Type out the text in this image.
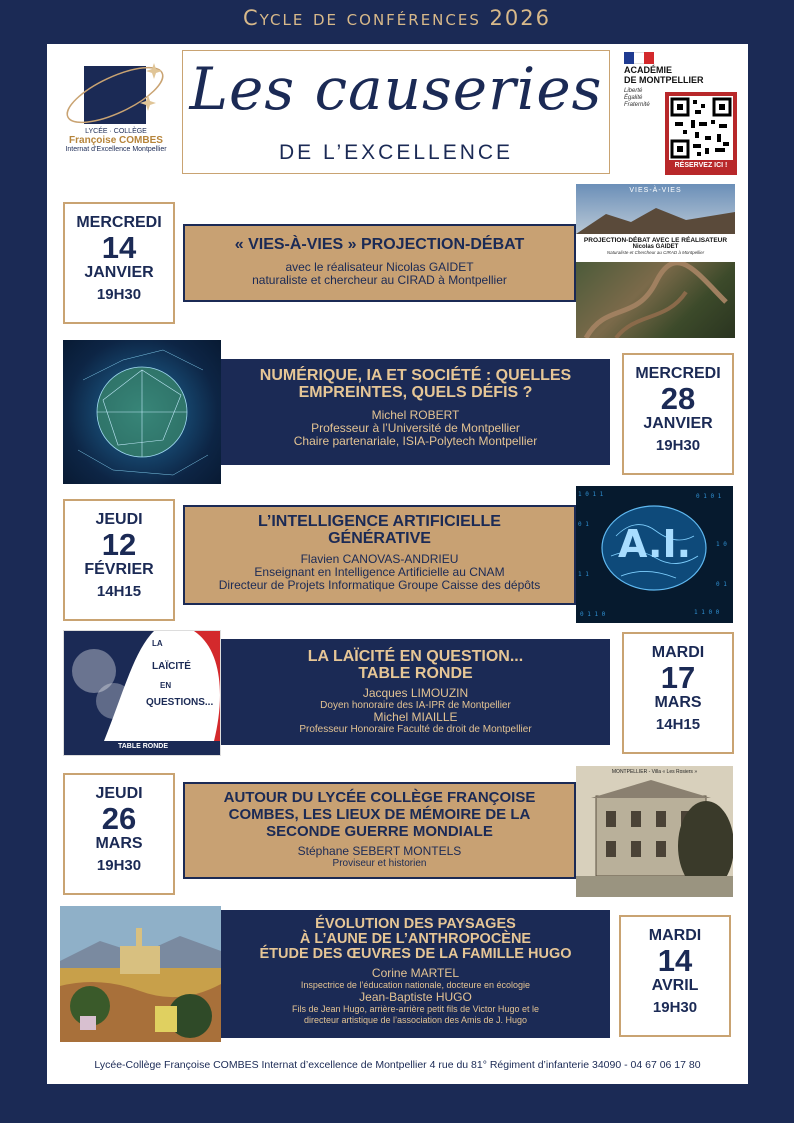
Cycle de conférences 2026
LYCÉE · COLLÈGE
Françoise COMBES
Internat d’Excellence Montpellier
Les causeries
DE L’EXCELLENCE
ACADÉMIE
DE MONTPELLIER
Liberté
Égalité
Fraternité
RÉSERVEZ ICI !
MERCREDI
14
JANVIER
19H30
« VIES-À-VIES » PROJECTION-DÉBAT
avec le réalisateur Nicolas GAIDET
naturaliste et chercheur au CIRAD à Montpellier
VIES-À-VIES
PROJECTION-DÉBAT AVEC LE RÉALISATEUR
Nicolas GAIDET
Naturaliste et Chercheur au CIRAD à Montpellier
NUMÉRIQUE, IA ET SOCIÉTÉ : QUELLES
EMPREINTES, QUELS DÉFIS ?
Michel ROBERT
Professeur à l’Université de Montpellier
Chaire partenariale, ISIA-Polytech Montpellier
MERCREDI
28
JANVIER
19H30
JEUDI
12
FÉVRIER
14H15
L’INTELLIGENCE ARTIFICIELLE
GÉNÉRATIVE
Flavien CANOVAS-ANDRIEU
Enseignant en Intelligence Artificielle au CNAM
Directeur de Projets Informatique Groupe Caisse des dépôts
1 0 1 1	0 1 0 1
0 1 1 0	1 1 0 0
0 1
1 0
1 1
0 1
A.I.
LA
LAÏCITÉ
EN
QUESTIONS...
TABLE RONDE
LA LAÏCITÉ EN QUESTION...
TABLE RONDE
Jacques LIMOUZIN
Doyen honoraire des IA-IPR de Montpellier
Michel MIAILLE
Professeur Honoraire Faculté de droit de Montpellier
MARDI
17
MARS
14H15
JEUDI
26
MARS
19H30
AUTOUR DU LYCÉE COLLÈGE FRANÇOISE
COMBES, LES LIEUX DE MÉMOIRE DE LA
SECONDE GUERRE MONDIALE
Stéphane SEBERT MONTELS
Proviseur et historien
MONTPELLIER - Villa « Les Rosiers »
ÉVOLUTION DES PAYSAGES
À L’AUNE DE L’ANTHROPOCÈNE
ÉTUDE DES ŒUVRES DE LA FAMILLE HUGO
Corine MARTEL
Inspectrice de l’éducation nationale, docteure en écologie
Jean-Baptiste HUGO
Fils de Jean Hugo, arrière-arrière petit fils de Victor Hugo et le
directeur artistique de l’association des Amis de J. Hugo
MARDI
14
AVRIL
19H30
Lycée-Collège Françoise COMBES Internat d’excellence de Montpellier 4 rue du 81° Régiment d’infanterie 34090 - 04 67 06 17 80
